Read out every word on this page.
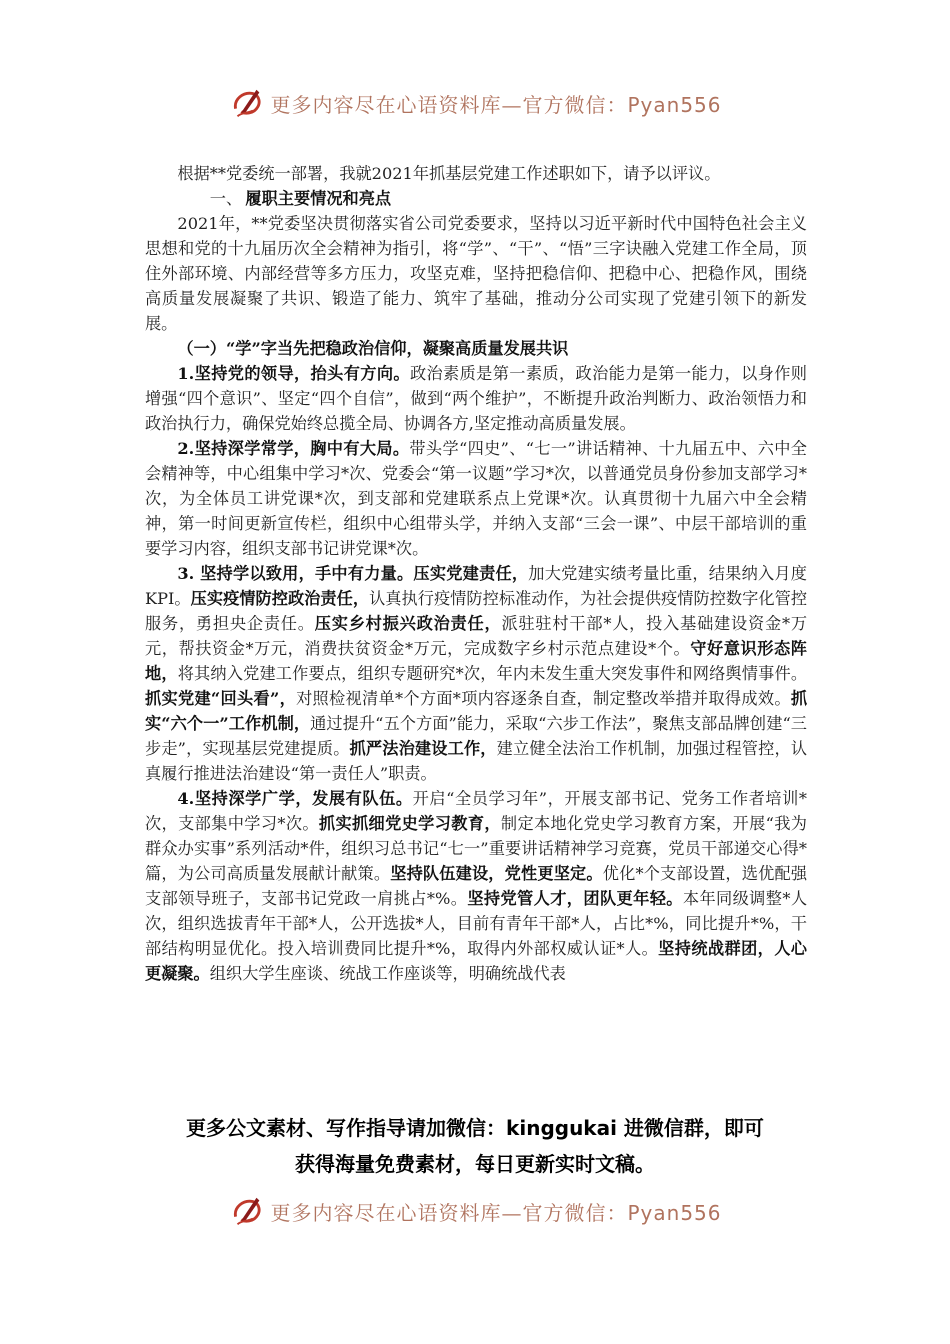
更多内容尽在心语资料库—官方微信：Pyan556

根据**党委统一部署，我就2021年抓基层党建工作述职如下，请予以评议。

一、 履职主要情况和亮点

2021年，**党委坚决贯彻落实省公司党委要求，坚持以习近平新时代中国特色社会主义思想和党的十九届历次全会精神为指引，将“学”、“干”、“悟”三字诀融入党建工作全局，顶住外部环境、内部经营等多方压力，攻坚克难，坚持把稳信仰、把稳中心、把稳作风，围绕高质量发展凝聚了共识、锻造了能力、筑牢了基础，推动分公司实现了党建引领下的新发展。

（一）“学”字当先把稳政治信仰，凝聚高质量发展共识

1.坚持党的领导，抬头有方向。政治素质是第一素质，政治能力是第一能力，以身作则增强“四个意识”、坚定“四个自信”，做到“两个维护”，不断提升政治判断力、政治领悟力和政治执行力，确保党始终总揽全局、协调各方,坚定推动高质量发展。

2.坚持深学常学，胸中有大局。带头学“四史”、“七一”讲话精神、十九届五中、六中全会精神等，中心组集中学习*次、党委会“第一议题”学习*次，以普通党员身份参加支部学习*次，为全体员工讲党课*次，到支部和党建联系点上党课*次。认真贯彻十九届六中全会精神，第一时间更新宣传栏，组织中心组带头学，并纳入支部“三会一课”、中层干部培训的重要学习内容，组织支部书记讲党课*次。

3. 坚持学以致用，手中有力量。压实党建责任，加大党建实绩考量比重，结果纳入月度KPI。压实疫情防控政治责任，认真执行疫情防控标准动作，为社会提供疫情防控数字化管控服务，勇担央企责任。压实乡村振兴政治责任，派驻驻村干部*人，投入基础建设资金*万元，帮扶资金*万元，消费扶贫资金*万元，完成数字乡村示范点建设*个。守好意识形态阵地，将其纳入党建工作要点，组织专题研究*次，年内未发生重大突发事件和网络舆情事件。抓实党建“回头看”，对照检视清单*个方面*项内容逐条自查，制定整改举措并取得成效。抓实“六个一”工作机制，通过提升“五个方面”能力，采取“六步工作法”，聚焦支部品牌创建“三步走”，实现基层党建提质。抓严法治建设工作，建立健全法治工作机制，加强过程管控，认真履行推进法治建设“第一责任人”职责。

4.坚持深学广学，发展有队伍。开启“全员学习年”，开展支部书记、党务工作者培训*次，支部集中学习*次。抓实抓细党史学习教育，制定本地化党史学习教育方案，开展“我为群众办实事”系列活动*件，组织习总书记“七一”重要讲话精神学习竞赛，党员干部递交心得*篇，为公司高质量发展献计献策。坚持队伍建设，党性更坚定。优化*个支部设置，选优配强支部领导班子，支部书记党政一肩挑占*%。坚持党管人才，团队更年轻。本年同级调整*人次，组织选拔青年干部*人，公开选拔*人，目前有青年干部*人，占比*%，同比提升*%，干部结构明显优化。投入培训费同比提升*%，取得内外部权威认证*人。坚持统战群团，人心更凝聚。组织大学生座谈、统战工作座谈等，明确统战代表

更多公文素材、写作指导请加微信：kinggukai 进微信群，即可
获得海量免费素材，每日更新实时文稿。
更多内容尽在心语资料库—官方微信：Pyan556
